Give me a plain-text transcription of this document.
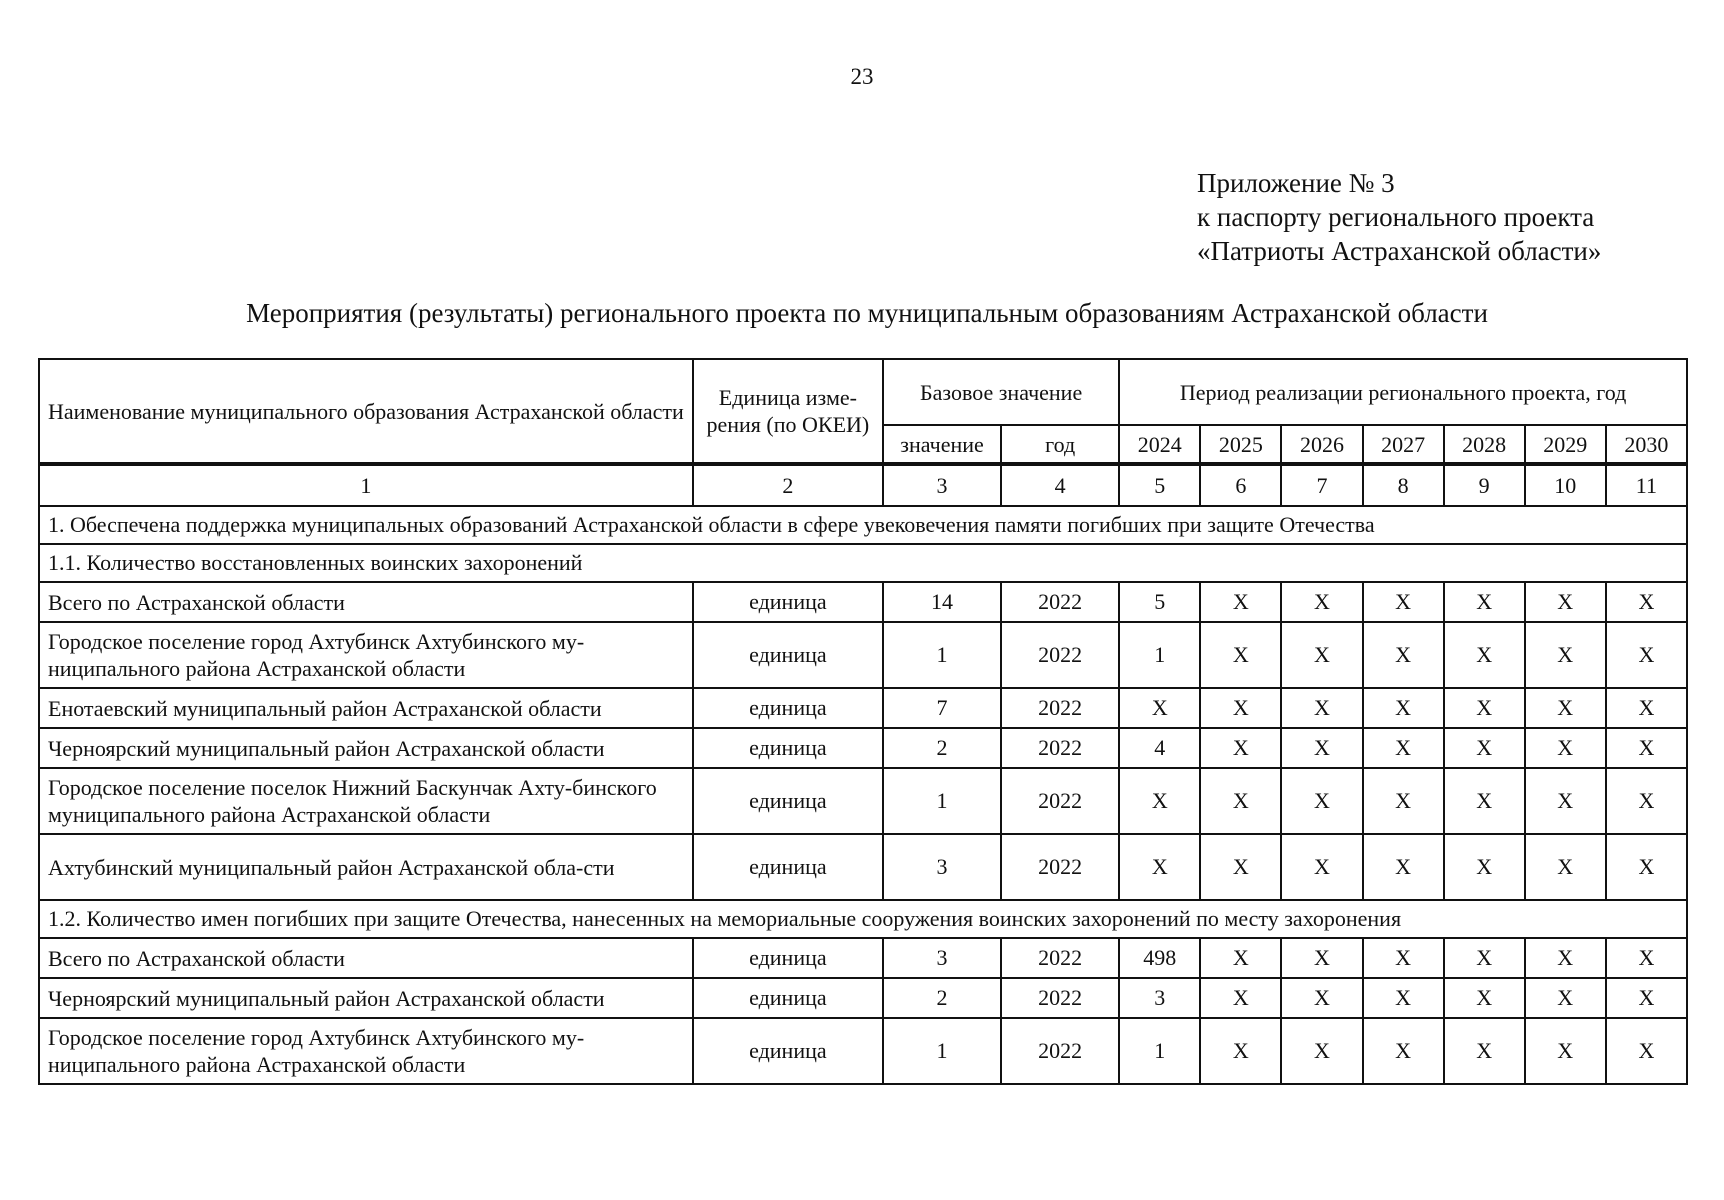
23
Приложение № 3
к паспорту регионального проекта
«Патриоты Астраханской области»
Мероприятия (результаты) регионального проекта по муниципальным образованиям Астраханской области
Наименование муниципального образования Астраханской области	Единица изме-рения (по ОКЕИ)	Базовое значение		Период реализации регионального проекта, год						
		значение	год	2024	2025	2026	2027	2028	2029	2030
1	2	3	4	5	6	7	8	9	10	11
1. Обеспечена поддержка муниципальных образований Астраханской области в сфере увековечения памяти погибших при защите Отечества										
1.1. Количество восстановленных воинских захоронений										
Всего по Астраханской области	единица	14	2022	5	X	X	X	X	X	X
Городское поселение город Ахтубинск Ахтубинского му-ниципального района Астраханской области	единица	1	2022	1	X	X	X	X	X	X
Енотаевский муниципальный район Астраханской области	единица	7	2022	X	X	X	X	X	X	X
Черноярский муниципальный район Астраханской области	единица	2	2022	4	X	X	X	X	X	X
Городское поселение поселок Нижний Баскунчак Ахту-бинского муниципального района Астраханской области	единица	1	2022	X	X	X	X	X	X	X
Ахтубинский муниципальный район Астраханской обла-сти	единица	3	2022	X	X	X	X	X	X	X
1.2. Количество имен погибших при защите Отечества, нанесенных на мемориальные сооружения воинских захоронений по месту захоронения										
Всего по Астраханской области	единица	3	2022	498	X	X	X	X	X	X
Черноярский муниципальный район Астраханской области	единица	2	2022	3	X	X	X	X	X	X
Городское поселение город Ахтубинск Ахтубинского му-ниципального района Астраханской области	единица	1	2022	1	X	X	X	X	X	X
